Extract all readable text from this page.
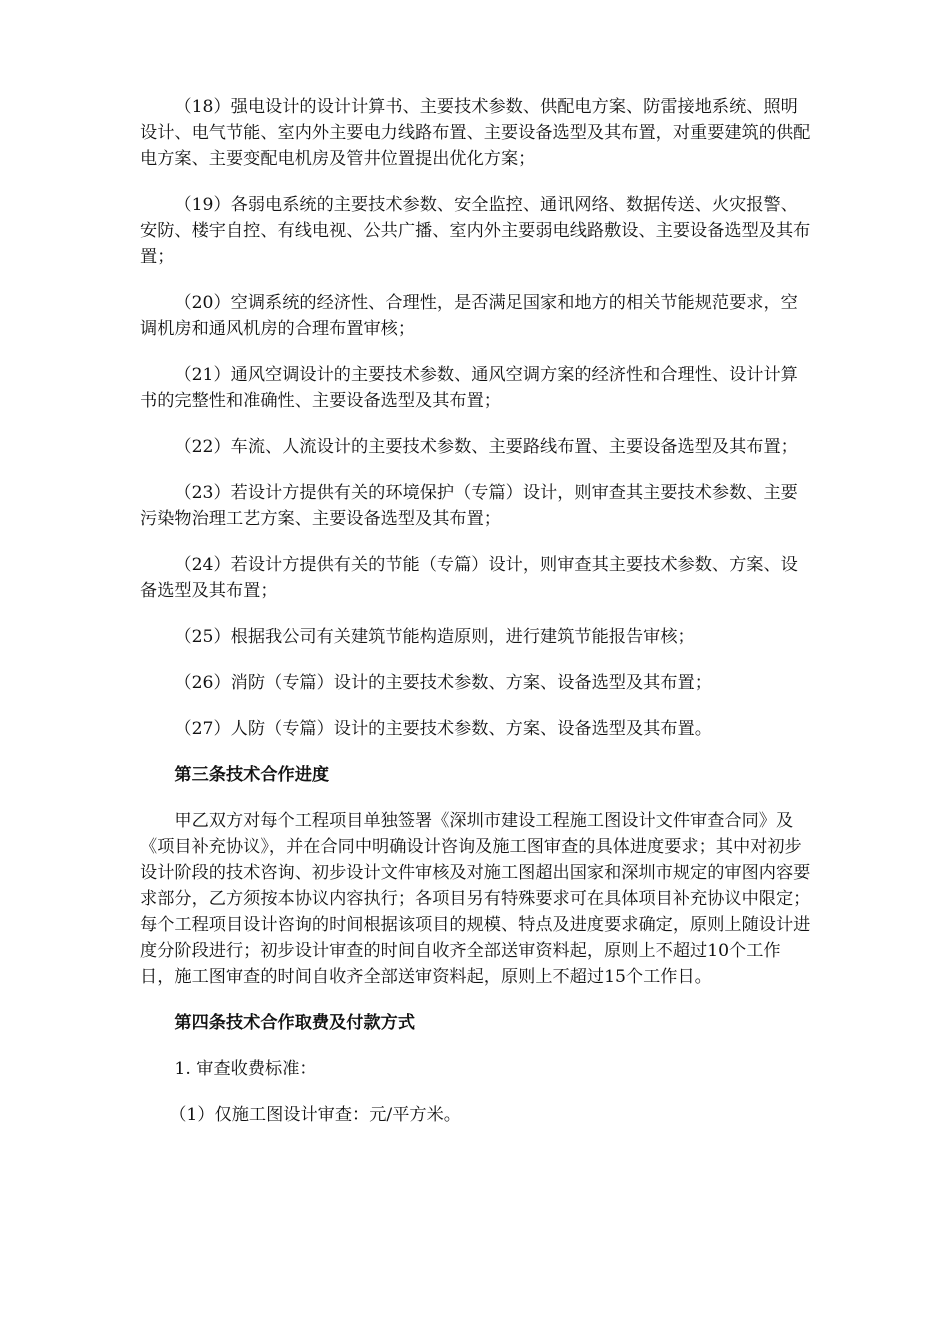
（18）强电设计的设计计算书、主要技术参数、供配电方案、防雷接地系统、照明设计、电气节能、室内外主要电力线路布置、主要设备选型及其布置，对重要建筑的供配电方案、主要变配电机房及管井位置提出优化方案；

（19）各弱电系统的主要技术参数、安全监控、通讯网络、数据传送、火灾报警、安防、楼宇自控、有线电视、公共广播、室内外主要弱电线路敷设、主要设备选型及其布置；

（20）空调系统的经济性、合理性，是否满足国家和地方的相关节能规范要求，空调机房和通风机房的合理布置审核；

（21）通风空调设计的主要技术参数、通风空调方案的经济性和合理性、设计计算书的完整性和准确性、主要设备选型及其布置；

（22）车流、人流设计的主要技术参数、主要路线布置、主要设备选型及其布置；

（23）若设计方提供有关的环境保护（专篇）设计，则审查其主要技术参数、主要污染物治理工艺方案、主要设备选型及其布置；

（24）若设计方提供有关的节能（专篇）设计，则审查其主要技术参数、方案、设备选型及其布置；

（25）根据我公司有关建筑节能构造原则，进行建筑节能报告审核；

（26）消防（专篇）设计的主要技术参数、方案、设备选型及其布置；

（27）人防（专篇）设计的主要技术参数、方案、设备选型及其布置。

第三条技术合作进度

甲乙双方对每个工程项目单独签署《深圳市建设工程施工图设计文件审查合同》及《项目补充协议》，并在合同中明确设计咨询及施工图审查的具体进度要求；其中对初步设计阶段的技术咨询、初步设计文件审核及对施工图超出国家和深圳市规定的审图内容要求部分，乙方须按本协议内容执行；各项目另有特殊要求可在具体项目补充协议中限定；每个工程项目设计咨询的时间根据该项目的规模、特点及进度要求确定，原则上随设计进度分阶段进行；初步设计审查的时间自收齐全部送审资料起，原则上不超过10个工作日，施工图审查的时间自收齐全部送审资料起，原则上不超过15个工作日。

第四条技术合作取费及付款方式

1. 审查收费标准：

（1）仅施工图设计审查：元/平方米。
